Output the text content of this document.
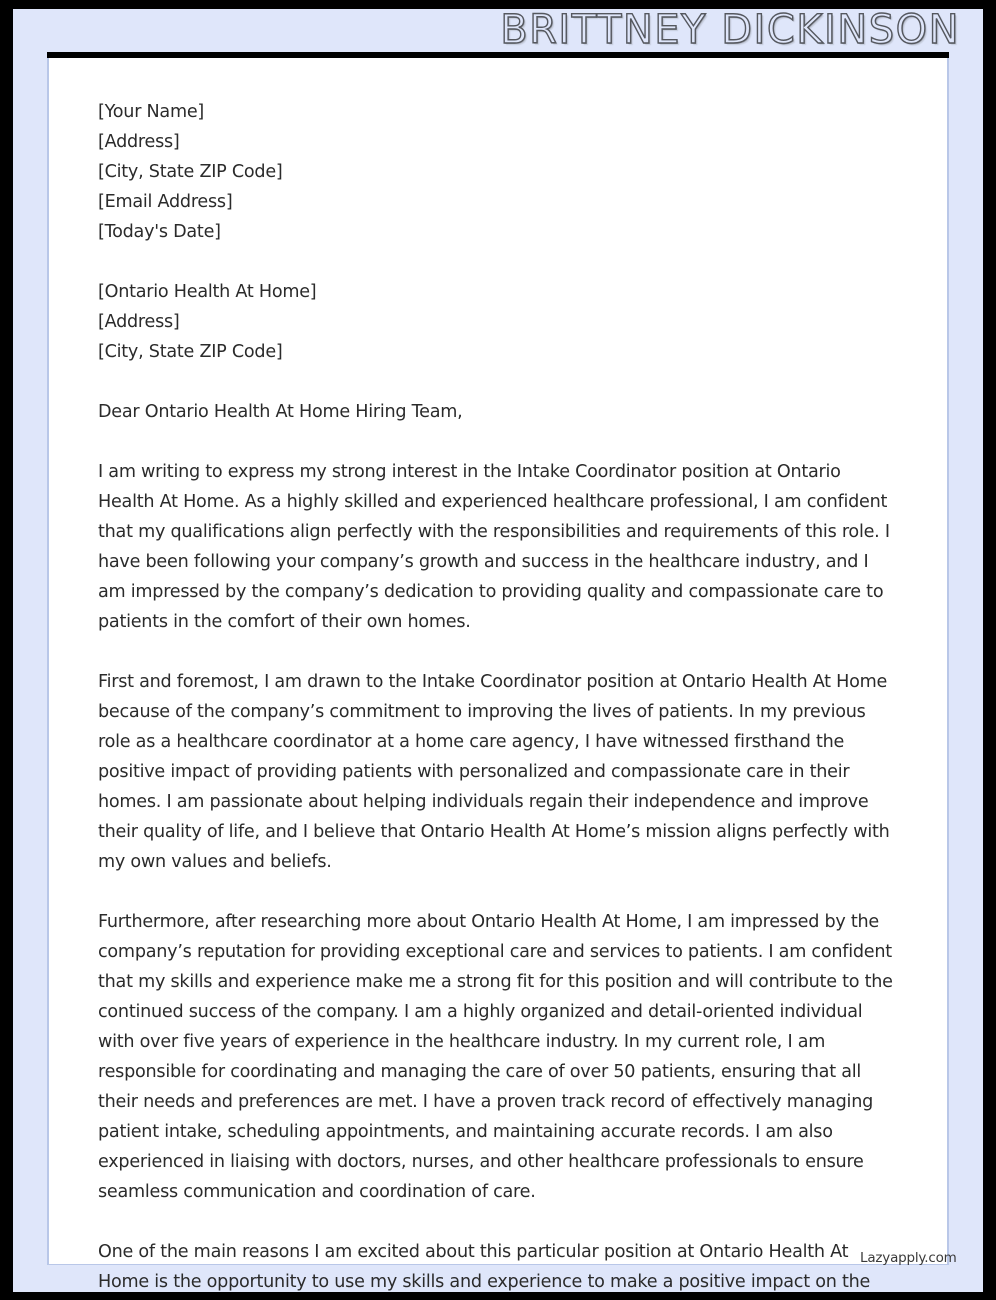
BRITTNEY DICKINSON

[Your Name]
[Address]
[City, State ZIP Code]
[Email Address]
[Today's Date]

[Ontario Health At Home]
[Address]
[City, State ZIP Code]

Dear Ontario Health At Home Hiring Team,

I am writing to express my strong interest in the Intake Coordinator position at Ontario Health At Home. As a highly skilled and experienced healthcare professional, I am confident that my qualifications align perfectly with the responsibilities and requirements of this role. I have been following your company’s growth and success in the healthcare industry, and I am impressed by the company’s dedication to providing quality and compassionate care to patients in the comfort of their own homes.

First and foremost, I am drawn to the Intake Coordinator position at Ontario Health At Home because of the company’s commitment to improving the lives of patients. In my previous role as a healthcare coordinator at a home care agency, I have witnessed firsthand the positive impact of providing patients with personalized and compassionate care in their homes. I am passionate about helping individuals regain their independence and improve their quality of life, and I believe that Ontario Health At Home’s mission aligns perfectly with my own values and beliefs.

Furthermore, after researching more about Ontario Health At Home, I am impressed by the company’s reputation for providing exceptional care and services to patients. I am confident that my skills and experience make me a strong fit for this position and will contribute to the continued success of the company. I am a highly organized and detail-oriented individual with over five years of experience in the healthcare industry. In my current role, I am responsible for coordinating and managing the care of over 50 patients, ensuring that all their needs and preferences are met. I have a proven track record of effectively managing patient intake, scheduling appointments, and maintaining accurate records. I am also experienced in liaising with doctors, nurses, and other healthcare professionals to ensure seamless communication and coordination of care.

One of the main reasons I am excited about this particular position at Ontario Health At Home is the opportunity to use my skills and experience to make a positive impact on the

Lazyapply.com
